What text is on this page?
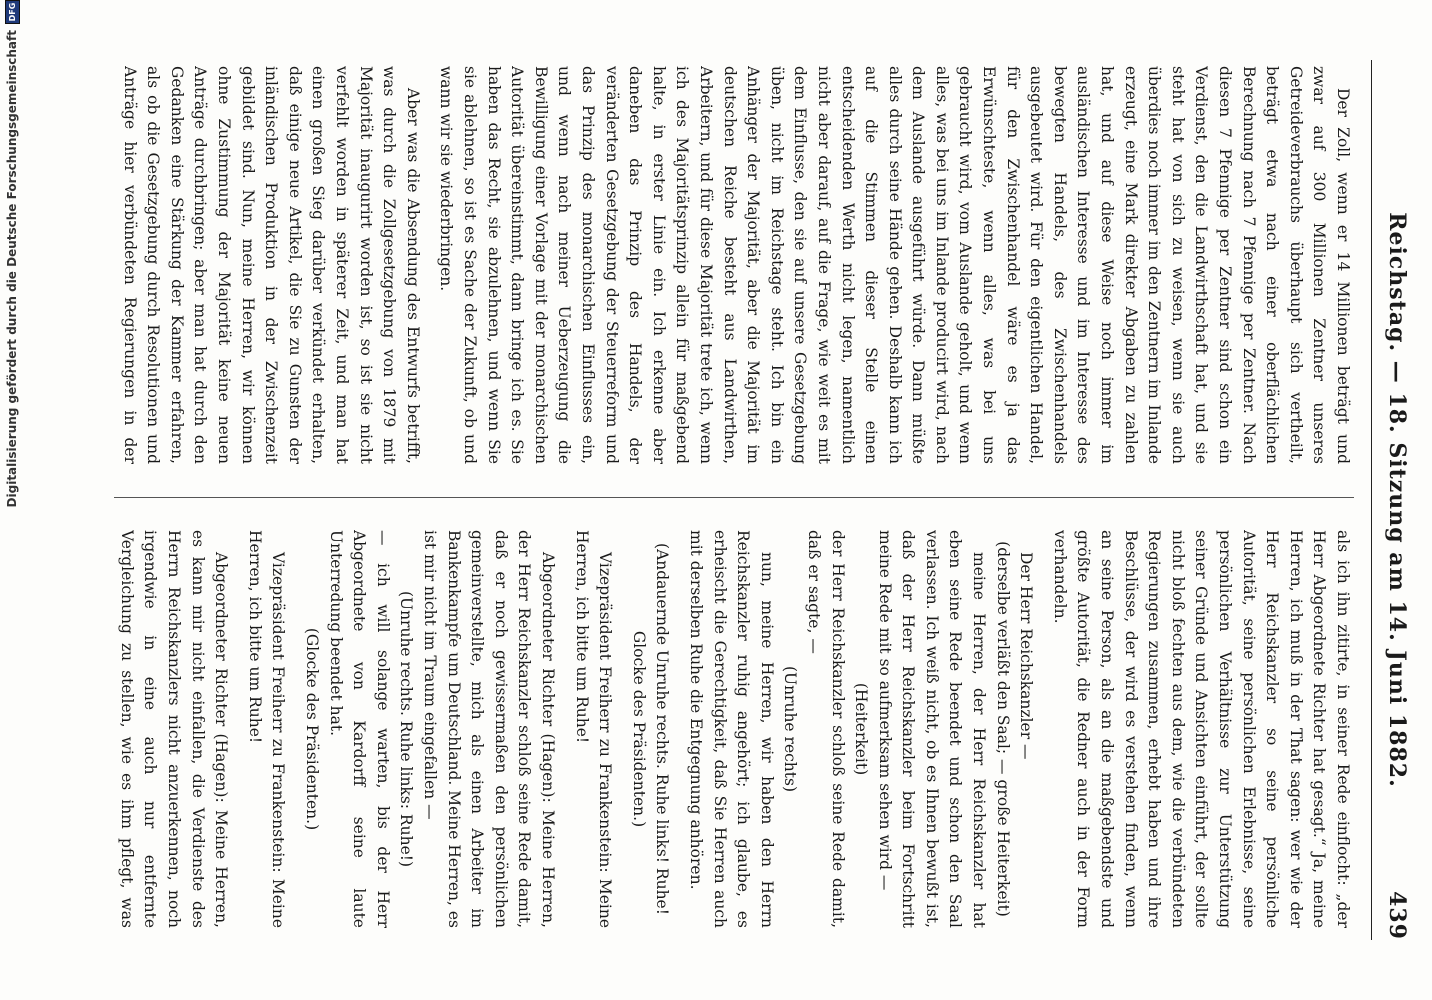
Reichstag. — 18. Sitzung am 14. Juni 1882.
439

Der Zoll, wenn er 14 Millionen beträgt und zwar auf 300 Millionen Zentner unseres Getreideverbrauchs überhaupt sich vertheilt, beträgt etwa nach einer oberflächlichen Berechnung nach 7 Pfennige per Zentner. Nach diesen 7 Pfennige per Zentner sind schon ein Verdienst, den die Landwirthschaft hat, und sie steht hat von sich zu weisen, wenn sie auch überdies noch immer im den Zentnern im Inlande erzeugt, eine Mark direkter Abgaben zu zahlen hat, und auf diese Weise noch immer im ausländischen Interesse und im Interesse des bewegten Handels, des Zwischenhandels ausgebeutet wird. Für den eigentlichen Handel, für den Zwischenhandel wäre es ja das Erwünschteste, wenn alles, was bei uns gebraucht wird, vom Auslande geholt, und wenn alles, was bei uns im Inlande producirt wird, nach dem Auslande ausgeführt würde. Dann müßte alles durch seine Hände gehen. Deshalb kann ich auf die Stimmen dieser Stelle einen entscheidenden Werth nicht legen, namentlich nicht aber darauf, auf die Frage, wie weit es mit dem Einflusse, den sie auf unsere Gesetzgebung üben, nicht im Reichstage steht. Ich bin ein Anhänger der Majorität, aber die Majorität im deutschen Reiche besteht aus Landwirthen, Arbeitern, und für diese Majorität trete ich, wenn ich des Majoritätsprinzip allein für maßgebend halte, in erster Linie ein. Ich erkenne aber daneben das Prinzip des Handels, der veränderten Gesetzgebung der Steuerreform und das Prinzip des monarchischen Einflusses ein, und wenn nach meiner Ueberzeugung die Bewilligung einer Vorlage mit der monarchischen Autorität übereinstimmt, dann bringe ich es. Sie haben das Recht, sie abzulehnen, und wenn Sie sie ablehnen, so ist es Sache der Zukunft, ob und wann wir sie wiederbringen.

Aber was die Absendung des Entwurfs betrifft, was durch die Zollgesetzgebung von 1879 mit Majorität inaugurirt worden ist, so ist sie nicht verfehlt worden in späterer Zeit, und man hat einen großen Sieg darüber verkündet erhalten, daß einige neue Artikel, die Sie zu Gunsten der inländischen Produktion in der Zwischenzeit gebildet sind. Nun, meine Herren, wir können ohne Zustimmung der Majorität keine neuen Anträge durchbringen; aber man hat durch den Gedanken eine Stärkung der Kammer erfahren, als ob die Gesetzgebung durch Resolutionen und Anträge hier verbündeten Regierungen in der

als ich ihn zitirte, in seiner Rede einflocht: „der Herr Abgeordnete Richter hat gesagt.“ Ja, meine Herren, ich muß in der That sagen: wer wie der Herr Reichskanzler so seine persönliche Autorität, seine persönlichen Erlebnisse, seine persönlichen Verhältnisse zur Unterstützung seiner Gründe und Ansichten einführt, der sollte nicht bloß fechten aus dem, wie die verbündeten Regierungen zusammen, erhebt haben und ihre Beschlüsse, der wird es verstehen finden, wenn an seine Person, als an die maßgebendste und größte Autorität, die Redner auch in der Form verhandeln.

Der Herr Reichskanzler —

(derselbe verläßt den Saal; — große Heiterkeit)

meine Herren, der Herr Reichskanzler hat eben seine Rede beendet und schon den Saal verlassen. Ich weiß nicht, ob es Ihnen bewußt ist, daß der Herr Reichskanzler beim Fortschritt meine Rede mit so aufmerksam sehen wird —

(Heiterkeit)

der Herr Reichskanzler schloß seine Rede damit, daß er sagte, —

(Unruhe rechts)

nun, meine Herren, wir haben den Herrn Reichskanzler ruhig angehört; ich glaube, es erheischt die Gerechtigkeit, daß Sie Herren auch mit derselben Ruhe die Entgegnung anhören.

(Andauernde Unruhe rechts. Ruhe links! Ruhe! Glocke des Präsidenten.)

Vizepräsident Freiherr zu Frankenstein: Meine Herren, ich bitte um Ruhe!

Abgeordneter Richter (Hagen): Meine Herren, der Herr Reichskanzler schloß seine Rede damit, daß er noch gewissermaßen den persönlichen gemeinverstellte, mich als einen Arbeiter im Bankenkampfe um Deutschland. Meine Herren, es ist mir nicht im Traum eingefallen —

(Unruhe rechts. Ruhe links: Ruhe!)

— ich will solange warten, bis der Herr Abgeordnete von Kardorff seine laute Unterredung beendet hat.

(Glocke des Präsidenten.)

Vizepräsident Freiherr zu Frankenstein: Meine Herren, ich bitte um Ruhe!

Abgeordneter Richter (Hagen): Meine Herren, es kann mir nicht einfallen, die Verdienste des Herrn Reichskanzlers nicht anzuerkennen, noch irgendwie in eine auch nur entfernte Vergleichung zu stellen, wie es ihm pflegt, was

Digitalisierung gefördert durch die Deutsche Forschungsgemeinschaft
DFG
